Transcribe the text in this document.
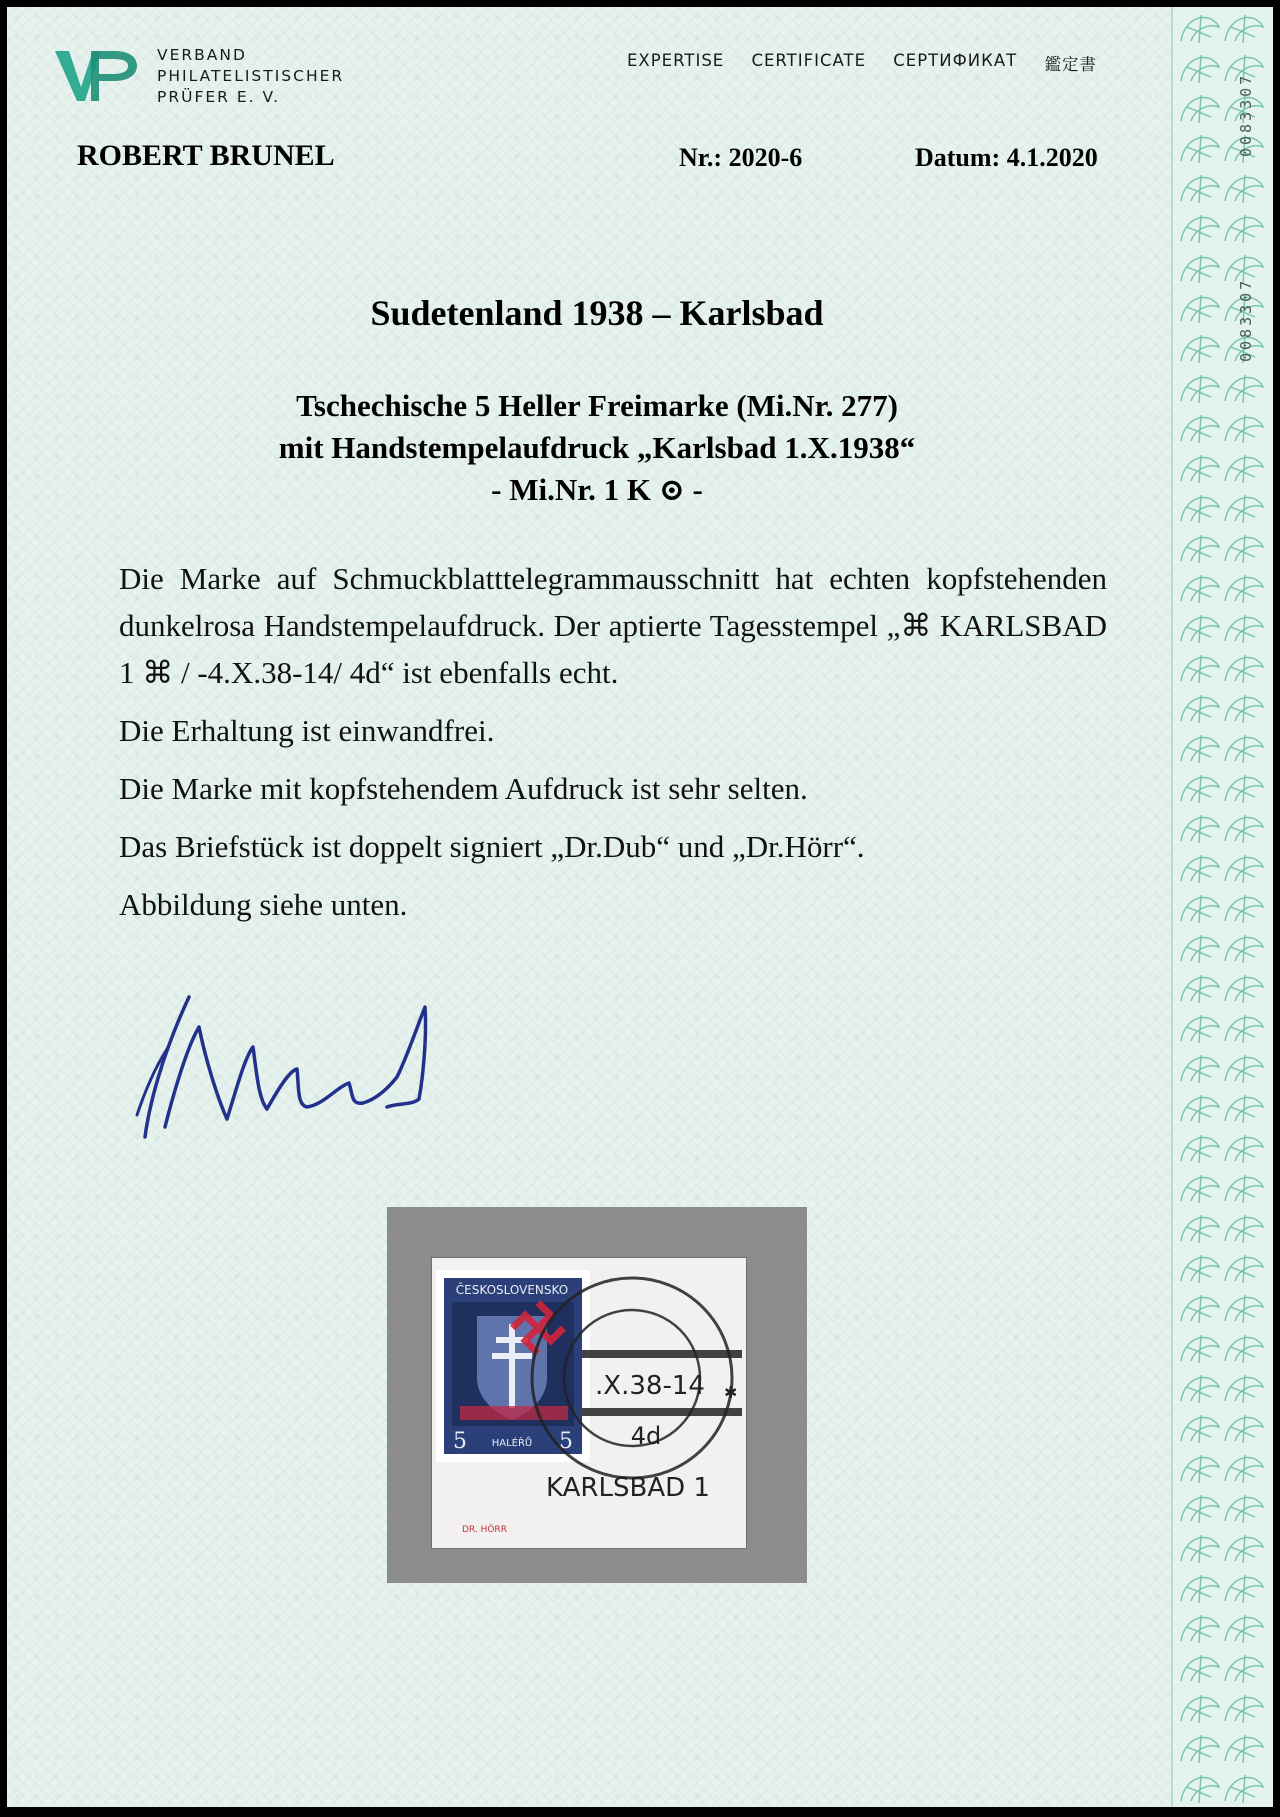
0083307
0083307
VERBAND
PHILATELISTISCHER
PRÜFER E. V.
EXPERTISE CERTIFICATE СЕРТИФИКАТ 鑑定書
ROBERT BRUNEL	Nr.: 2020-6	Datum: 4.1.2020
Sudetenland 1938 – Karlsbad
Tschechische 5 Heller Freimarke (Mi.Nr. 277)
mit Handstempelaufdruck „Karlsbad 1.X.1938“
- Mi.Nr. 1 K ⊙ -

Die Marke auf Schmuckblatttelegrammausschnitt hat echten kopfstehenden dunkelrosa Handstempelaufdruck. Der aptierte Tagesstempel „⌘ KARLSBAD 1 ⌘ / -4.X.38-14/ 4d“ ist ebenfalls echt.

Die Erhaltung ist einwandfrei.

Die Marke mit kopfstehendem Aufdruck ist sehr selten.

Das Briefstück ist doppelt signiert „Dr.Dub“ und „Dr.Hörr“.

Abbildung siehe unten.

ČESKOSLOVENSKO
5	5
HALÉŘŮ
.X.38-14
4d
KARLSBAD 1
✱
DR. HÖRR
